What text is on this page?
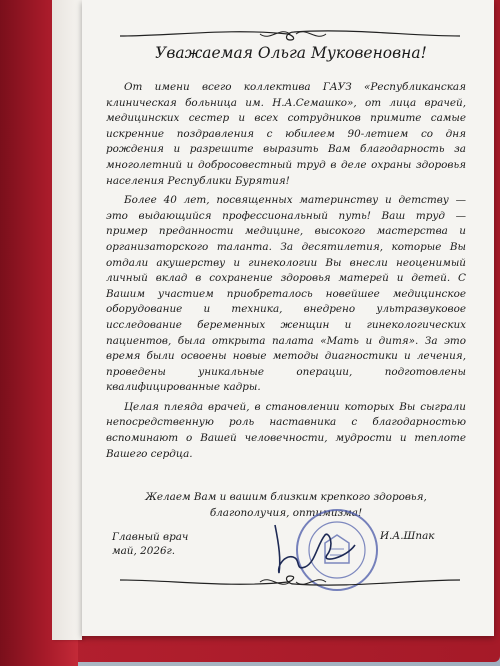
Уважаемая Ольга Муковеновна!

От имени всего коллектива ГАУЗ «Республиканская клиническая больница им. Н.А.Семашко», от лица врачей, медицинских сестер и всех сотрудников примите самые искренние поздравления с юбилеем 90-летием со дня рождения и разрешите выразить Вам благодарность за многолетний и добросовестный труд в деле охраны здоровья населения Республики Бурятия!

Более 40 лет, посвященных материнству и детству — это выдающийся профессиональный путь! Ваш труд — пример преданности медицине, высокого мастерства и организаторского таланта. За десятилетия, которые Вы отдали акушерству и гинекологии Вы внесли неоценимый личный вклад в сохранение здоровья матерей и детей. С Вашим участием приобреталось новейшее медицинское оборудование и техника, внедрено ультразвуковое исследование беременных женщин и гинекологических пациентов, была открыта палата «Мать и дитя». За это время были освоены новые методы диагностики и лечения, проведены уникальные операции, подготовлены квалифицированные кадры.

Целая плеяда врачей, в становлении которых Вы сыграли непосредственную роль наставника с благодарностью вспоминают о Вашей человечности, мудрости и теплоте Вашего сердца.

Желаем Вам и вашим близким крепкого здоровья,
благополучия, оптимизма!
Главный врач
май, 2026г.
И.А.Шпак
